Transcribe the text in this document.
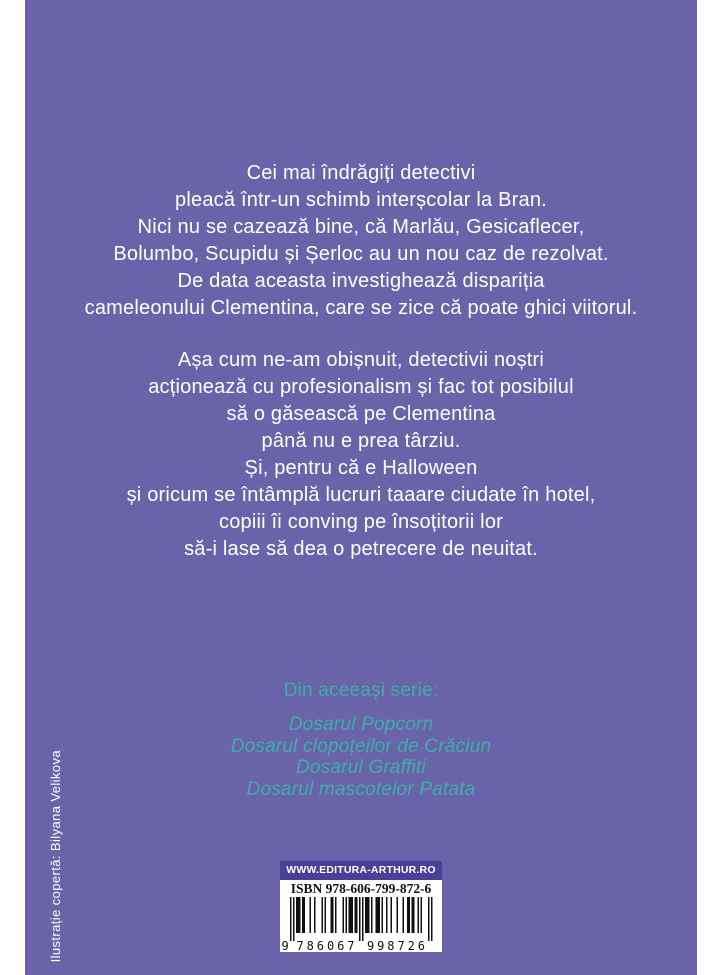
Cei mai îndrăgiți detectivi
pleacă într-un schimb interșcolar la Bran.
Nici nu se cazează bine, că Marlău, Gesicaflecer,
Bolumbo, Scupidu și Șerloc au un nou caz de rezolvat.
De data aceasta investighează dispariția
cameleonului Clementina, care se zice că poate ghici viitorul.
Așa cum ne-am obișnuit, detectivii noștri
acționează cu profesionalism și fac tot posibilul
să o găsească pe Clementina
până nu e prea târziu.
Și, pentru că e Halloween
și oricum se întâmplă lucruri taaare ciudate în hotel,
copiii îi conving pe însoțitorii lor
să-i lase să dea o petrecere de neuitat.
Din aceeași serie:
Dosarul Popcorn
Dosarul clopoțeilor de Crăciun
Dosarul Graffiti
Dosarul mascotelor Patata
Ilustrație copertă: Bilyana Velikova	WWW.EDITURA-ARTHUR.RO
ISBN 978-606-799-872-6
9 786067 998726
